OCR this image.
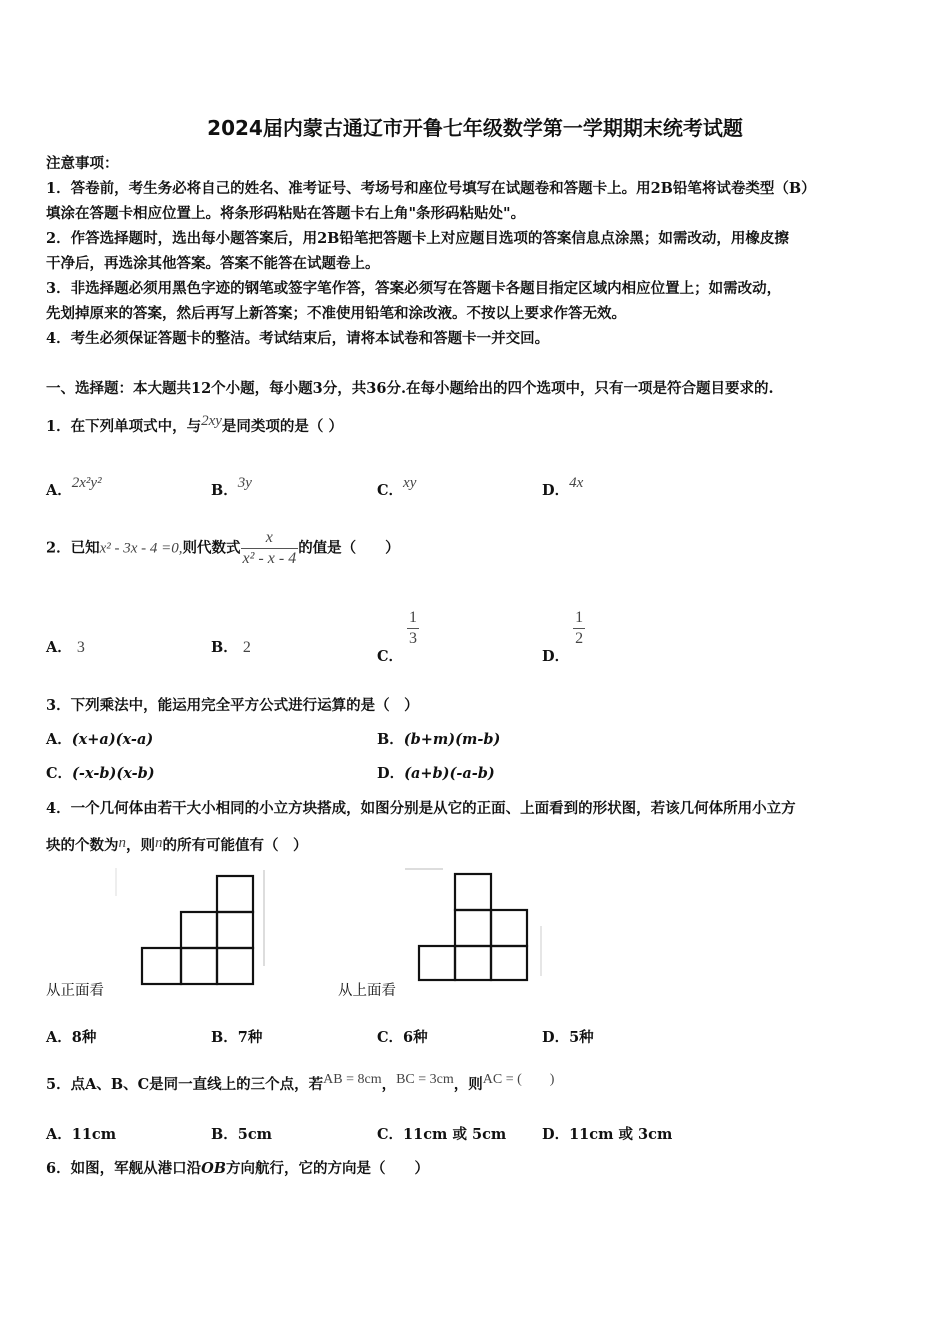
2024届内蒙古通辽市开鲁七年级数学第一学期期末统考试题
注意事项：
1．答卷前，考生务必将自己的姓名、准考证号、考场号和座位号填写在试题卷和答题卡上。用2B铅笔将试卷类型（B）
填涂在答题卡相应位置上。将条形码粘贴在答题卡右上角"条形码粘贴处"。
2．作答选择题时，选出每小题答案后，用2B铅笔把答题卡上对应题目选项的答案信息点涂黑；如需改动，用橡皮擦
干净后，再选涂其他答案。答案不能答在试题卷上。
3．非选择题必须用黑色字迹的钢笔或签字笔作答，答案必须写在答题卡各题目指定区域内相应位置上；如需改动，
先划掉原来的答案，然后再写上新答案；不准使用铅笔和涂改液。不按以上要求作答无效。
4．考生必须保证答题卡的整洁。考试结束后，请将本试卷和答题卡一并交回。
一、选择题：本大题共12个小题，每小题3分，共36分.在每小题给出的四个选项中，只有一项是符合题目要求的.
1．在下列单项式中，与2xy是同类项的是（ ）
A．2x²y²	B．3y	C．xy	D．4x
2．已知x² - 3x - 4 =0,则代数式 $\frac{x}{\text{x² - x - 4}}$ 的值是（　　）
A． 3	B． 2	C．
$\frac{1}{3}$
D．
$\frac{1}{2}$
3．下列乘法中，能运用完全平方公式进行运算的是（　）
A．(x+a)(x-a)	B．(b+m)(m-b)
C．(-x-b)(x-b)	D．(a+b)(-a-b)
4．一个几何体由若干大小相同的小立方块搭成，如图分别是从它的正面、上面看到的形状图，若该几何体所用小立方
块的个数为n，则n的所有可能值有（　）
从正面看	从上面看
A．8种	B．7种	C．6种	D．5种
5．点A、B、C是同一直线上的三个点，若AB = 8cm，BC = 3cm，则AC = (　　)
A．11cm	B．5cm	C．11cm 或 5cm D．11cm 或 3cm
6．如图，军舰从港口沿OB方向航行，它的方向是（　　）
